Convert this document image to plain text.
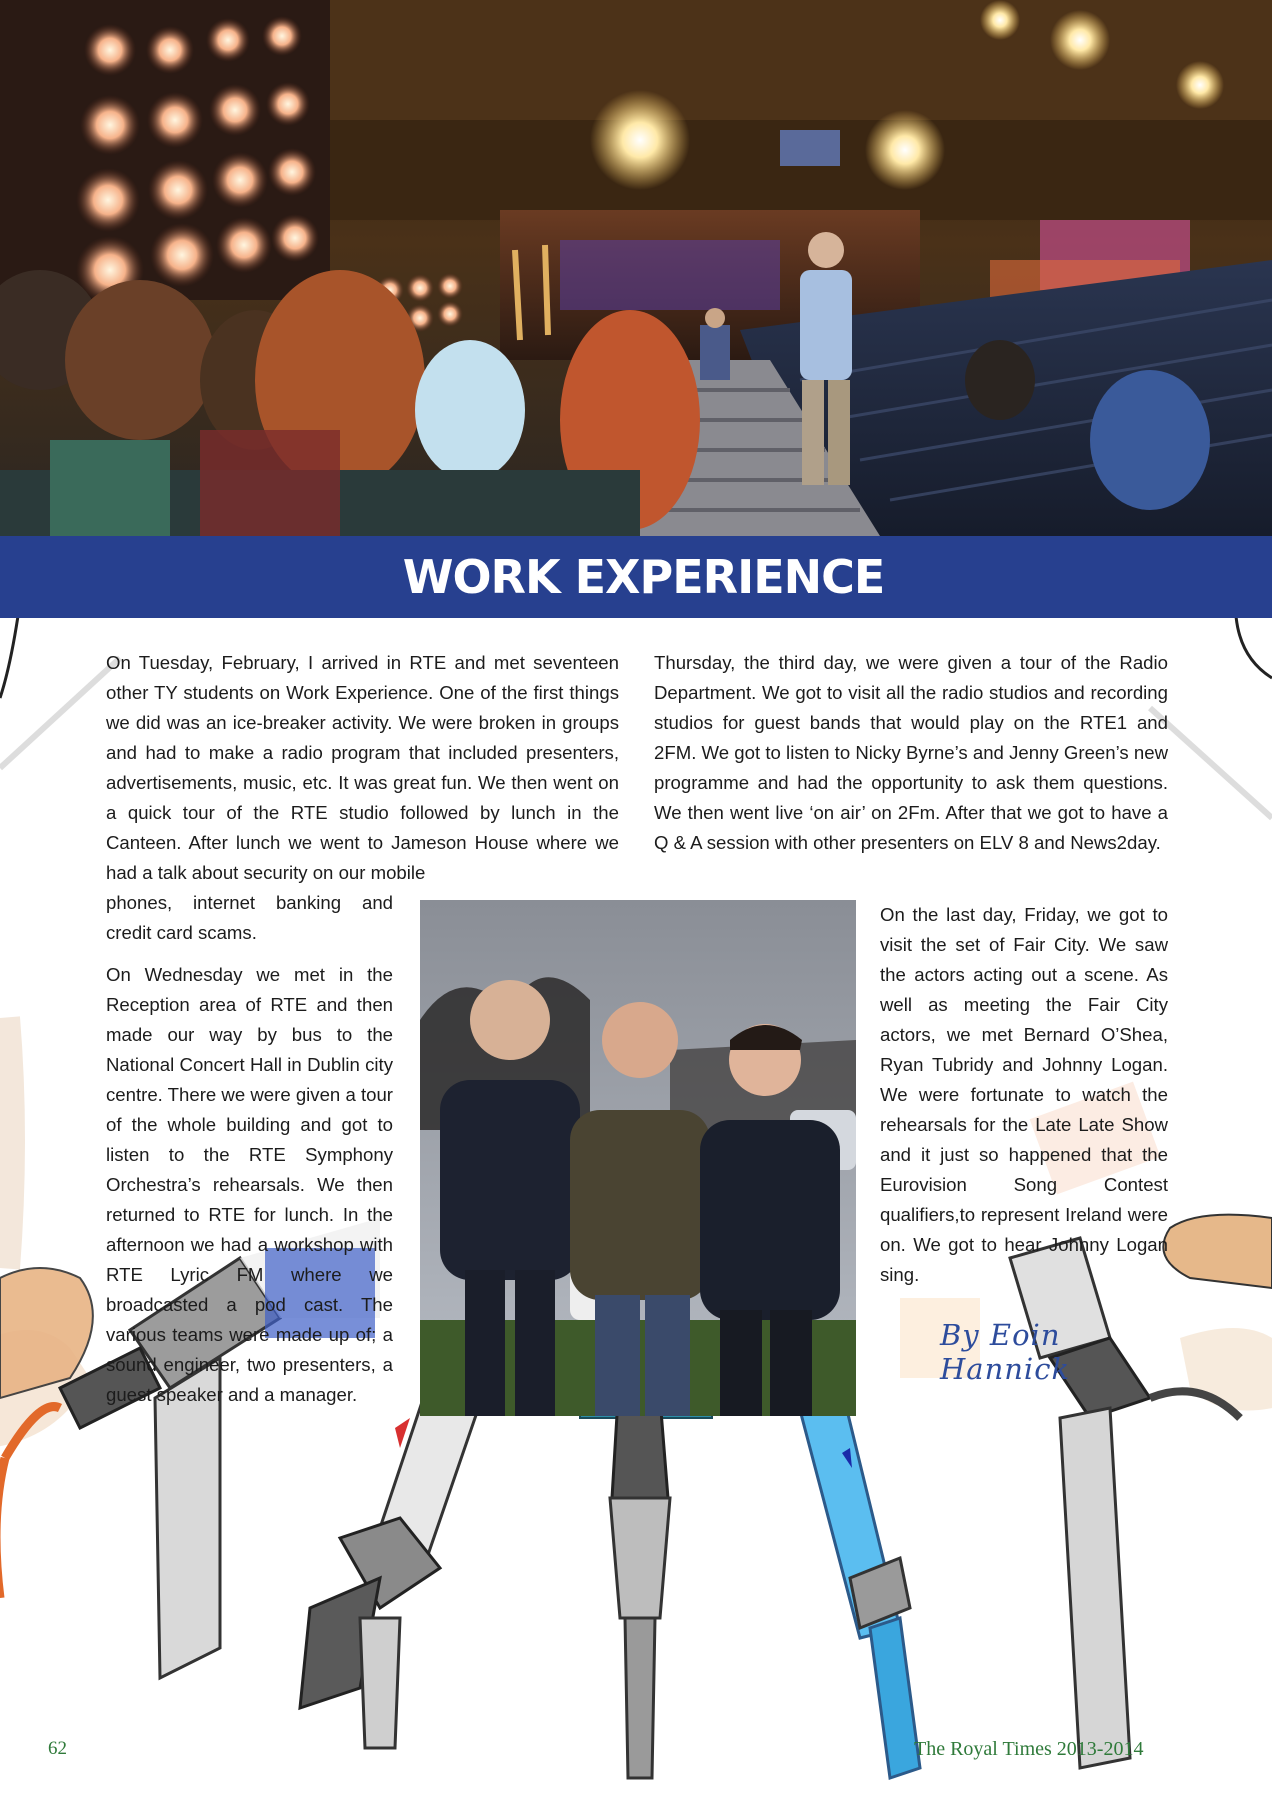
WORK EXPERIENCE

On Tuesday, February, I arrived in RTE and met seventeen other TY students on Work Experience. One of the first things we did was an ice-breaker activity. We were broken in groups and had to make a radio program that included presenters, advertisements, music, etc. It was great fun. We then went on a quick tour of the RTE studio followed by lunch in the Canteen. After lunch we went to Jameson House where we had a talk about security on our mobile

phones, internet banking and credit card scams.

On Wednesday we met in the Reception area of RTE and then made our way by bus to the National Concert Hall in Dublin city centre. There we were given a tour of the whole building and got to listen to the RTE Symphony Orchestra’s rehearsals. We then returned to RTE for lunch. In the afternoon we had a workshop with RTE Lyric FM where we broadcasted a pod cast. The various teams were made up of; a sound engineer, two presenters, a guest speaker and a manager.

Thursday, the third day, we were given a tour of the Radio Department. We got to visit all the radio studios and recording studios for guest bands that would play on the RTE1 and 2FM. We got to listen to Nicky Byrne’s and Jenny Green’s new programme and had the opportunity to ask them questions. We then went live ‘on air’ on 2Fm. After that we got to have a Q & A session with other presenters on ELV 8 and News2day.

On the last day, Friday, we got to visit the set of Fair City. We saw the actors acting out a scene. As well as meeting the Fair City actors, we met Bernard O’Shea, Ryan Tubridy and Johnny Logan. We were fortunate to watch the rehearsals for the Late Late Show and it just so happened that the Eurovision Song Contest qualifiers,to represent Ireland were on. We got to hear Johnny Logan sing.

By Eoin Hannick
62	The Royal Times 2013-2014
